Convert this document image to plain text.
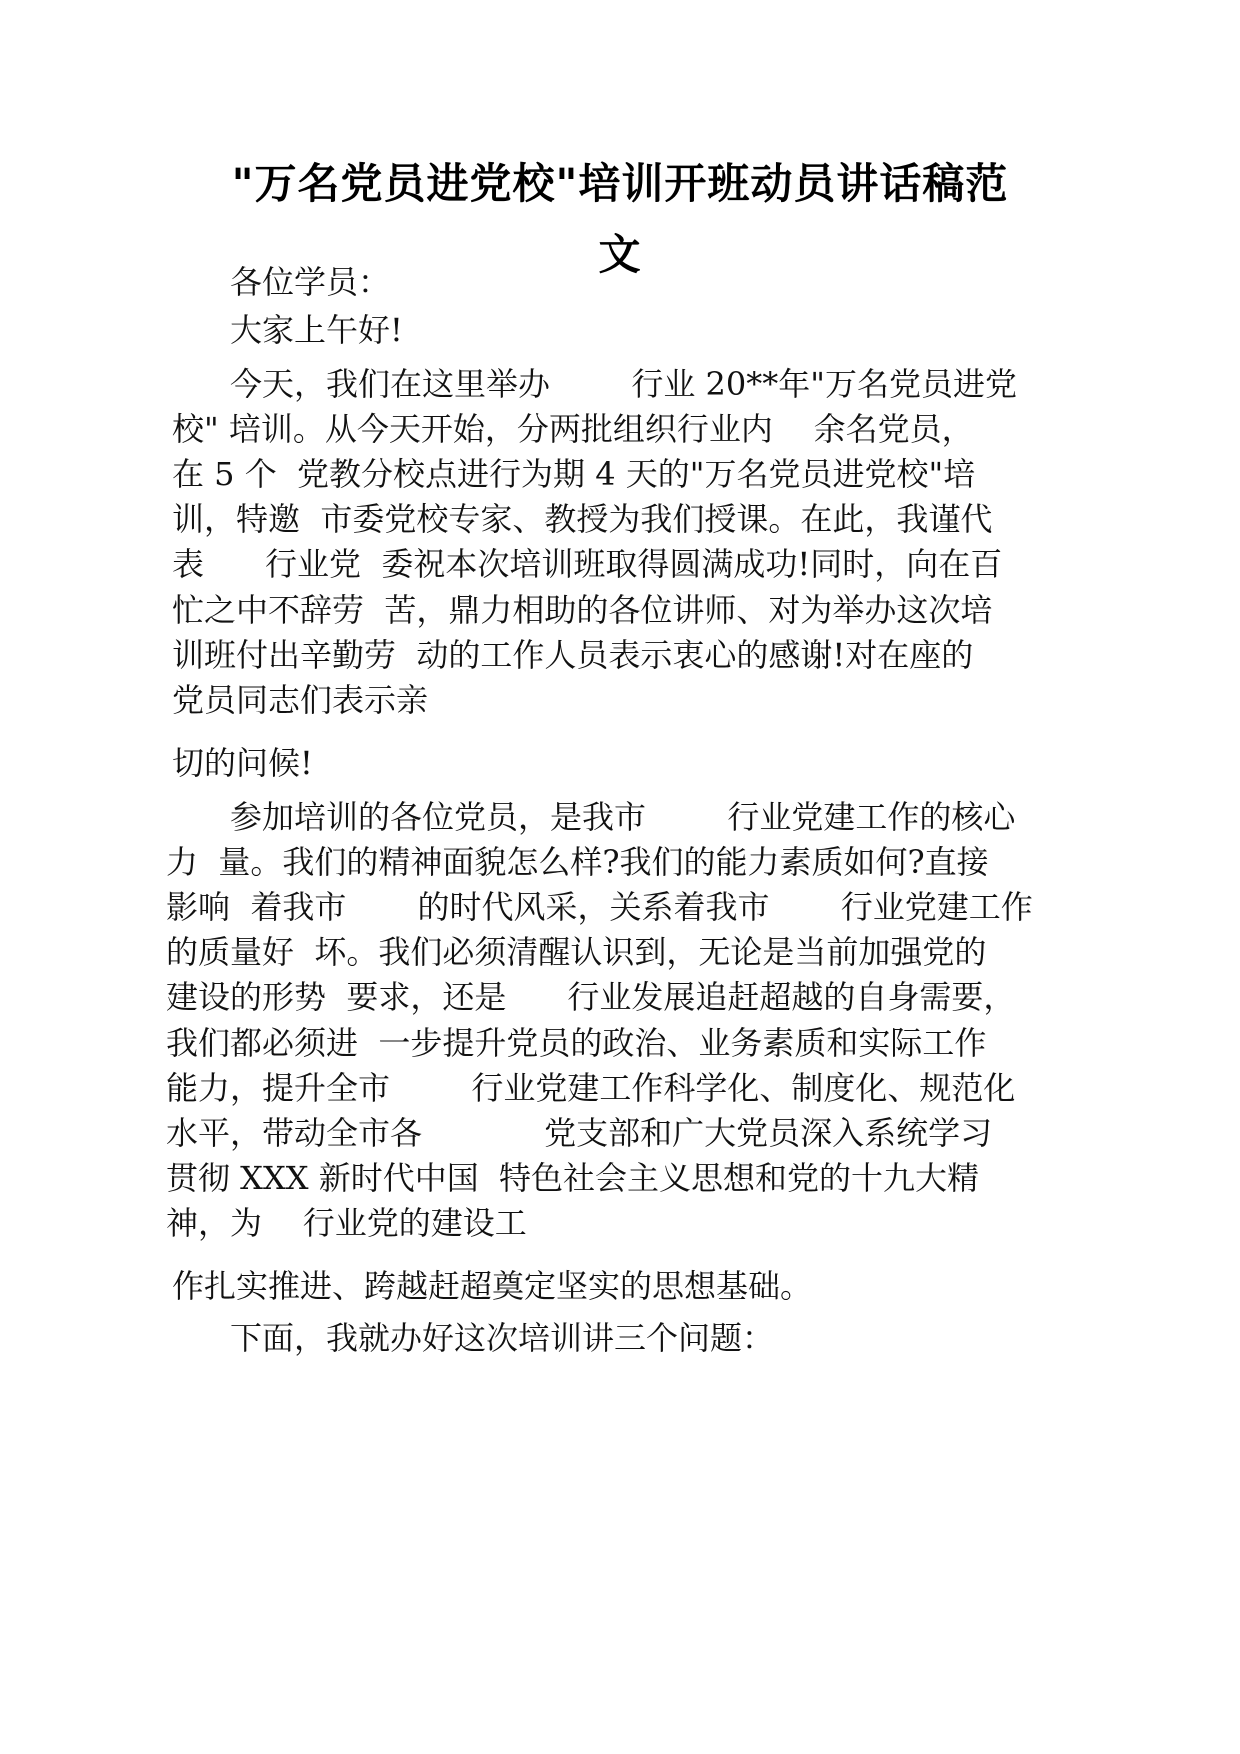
"万名党员进党校"培训开班动员讲话稿范
文
各位学员：
大家上午好!
今天，我们在这里举办        行业 20**年"万名党员进党
校" 培训。从今天开始，分两批组织行业内    余名党员，
在 5 个  党教分校点进行为期 4 天的"万名党员进党校"培
训，特邀  市委党校专家、教授为我们授课。在此，我谨代
表      行业党  委祝本次培训班取得圆满成功!同时，向在百
忙之中不辞劳  苦，鼎力相助的各位讲师、对为举办这次培
训班付出辛勤劳  动的工作人员表示衷心的感谢!对在座的
党员同志们表示亲
切的问候!
参加培训的各位党员，是我市        行业党建工作的核心
力  量。我们的精神面貌怎么样?我们的能力素质如何?直接
影响  着我市       的时代风采，关系着我市       行业党建工作
的质量好  坏。我们必须清醒认识到，无论是当前加强党的
建设的形势  要求，还是      行业发展追赶超越的自身需要，
我们都必须进  一步提升党员的政治、业务素质和实际工作
能力，提升全市        行业党建工作科学化、制度化、规范化
水平，带动全市各            党支部和广大党员深入系统学习
贯彻 XXX 新时代中国  特色社会主义思想和党的十九大精
神，为    行业党的建设工
作扎实推进、跨越赶超奠定坚实的思想基础。
下面，我就办好这次培训讲三个问题：
